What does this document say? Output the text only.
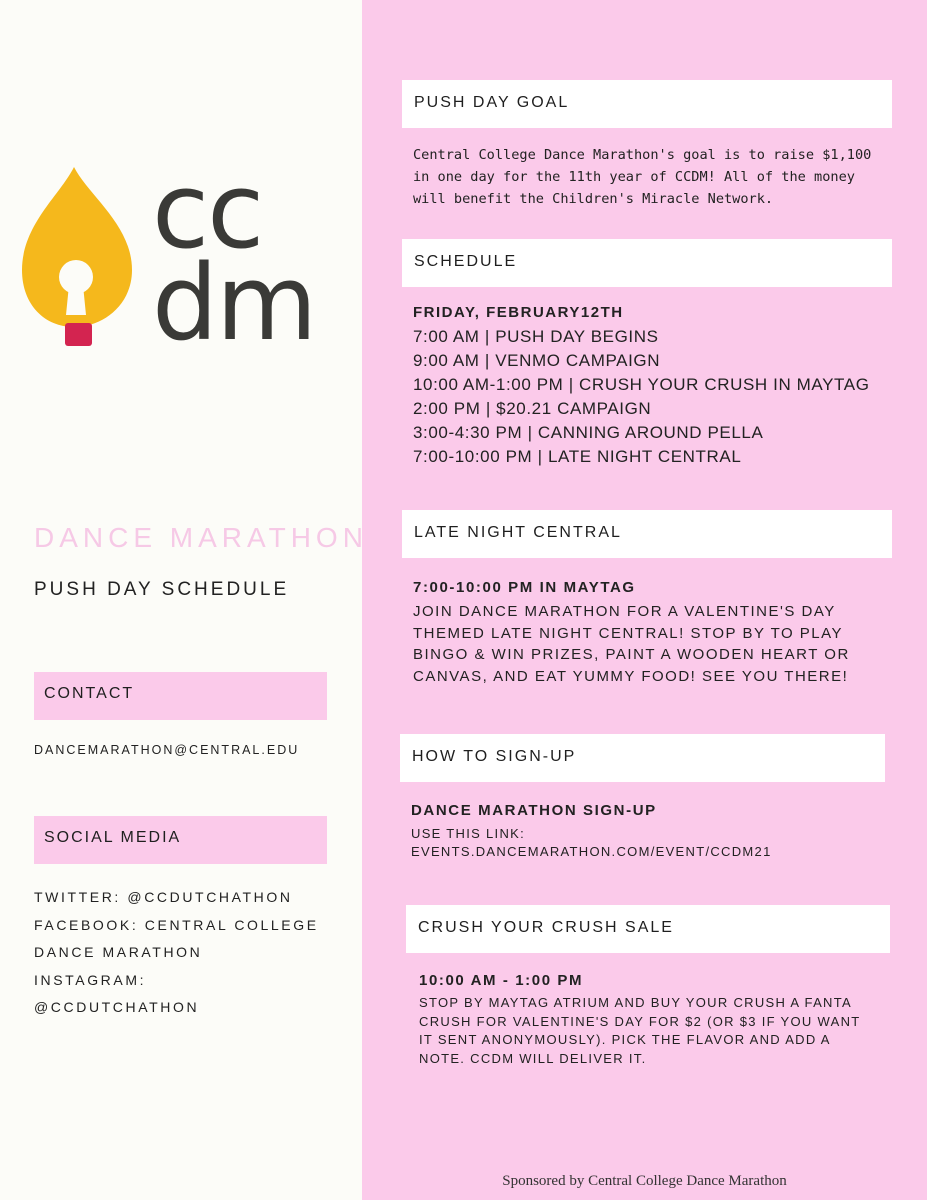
cc
dm
DANCE MARATHON
PUSH DAY SCHEDULE
CONTACT
DANCEMARATHON@CENTRAL.EDU
SOCIAL MEDIA
TWITTER: @CCDUTCHATHON
FACEBOOK: CENTRAL COLLEGE
DANCE MARATHON
INSTAGRAM:
@CCDUTCHATHON
PUSH DAY GOAL

Central College Dance Marathon's goal is to raise $1,100 in one day for the 11th year of CCDM! All of the money will benefit the Children's Miracle Network.

SCHEDULE

FRIDAY, FEBRUARY12TH

7:00 AM | PUSH DAY BEGINS
9:00 AM | VENMO CAMPAIGN
10:00 AM-1:00 PM | CRUSH YOUR CRUSH IN MAYTAG
2:00 PM | $20.21 CAMPAIGN
3:00-4:30 PM | CANNING AROUND PELLA
7:00-10:00 PM | LATE NIGHT CENTRAL
LATE NIGHT CENTRAL

7:00-10:00 PM IN MAYTAG

JOIN DANCE MARATHON FOR A VALENTINE'S DAY THEMED LATE NIGHT CENTRAL! STOP BY TO PLAY BINGO & WIN PRIZES, PAINT A WOODEN HEART OR CANVAS, AND EAT YUMMY FOOD! SEE YOU THERE!

HOW TO SIGN-UP

DANCE MARATHON SIGN-UP

USE THIS LINK:

EVENTS.DANCEMARATHON.COM/EVENT/CCDM21

CRUSH YOUR CRUSH SALE

10:00 AM - 1:00 PM

STOP BY MAYTAG ATRIUM AND BUY YOUR CRUSH A FANTA CRUSH FOR VALENTINE'S DAY FOR $2 (OR $3 IF YOU WANT IT SENT ANONYMOUSLY). PICK THE FLAVOR AND ADD A NOTE. CCDM WILL DELIVER IT.

Sponsored by Central College Dance Marathon
